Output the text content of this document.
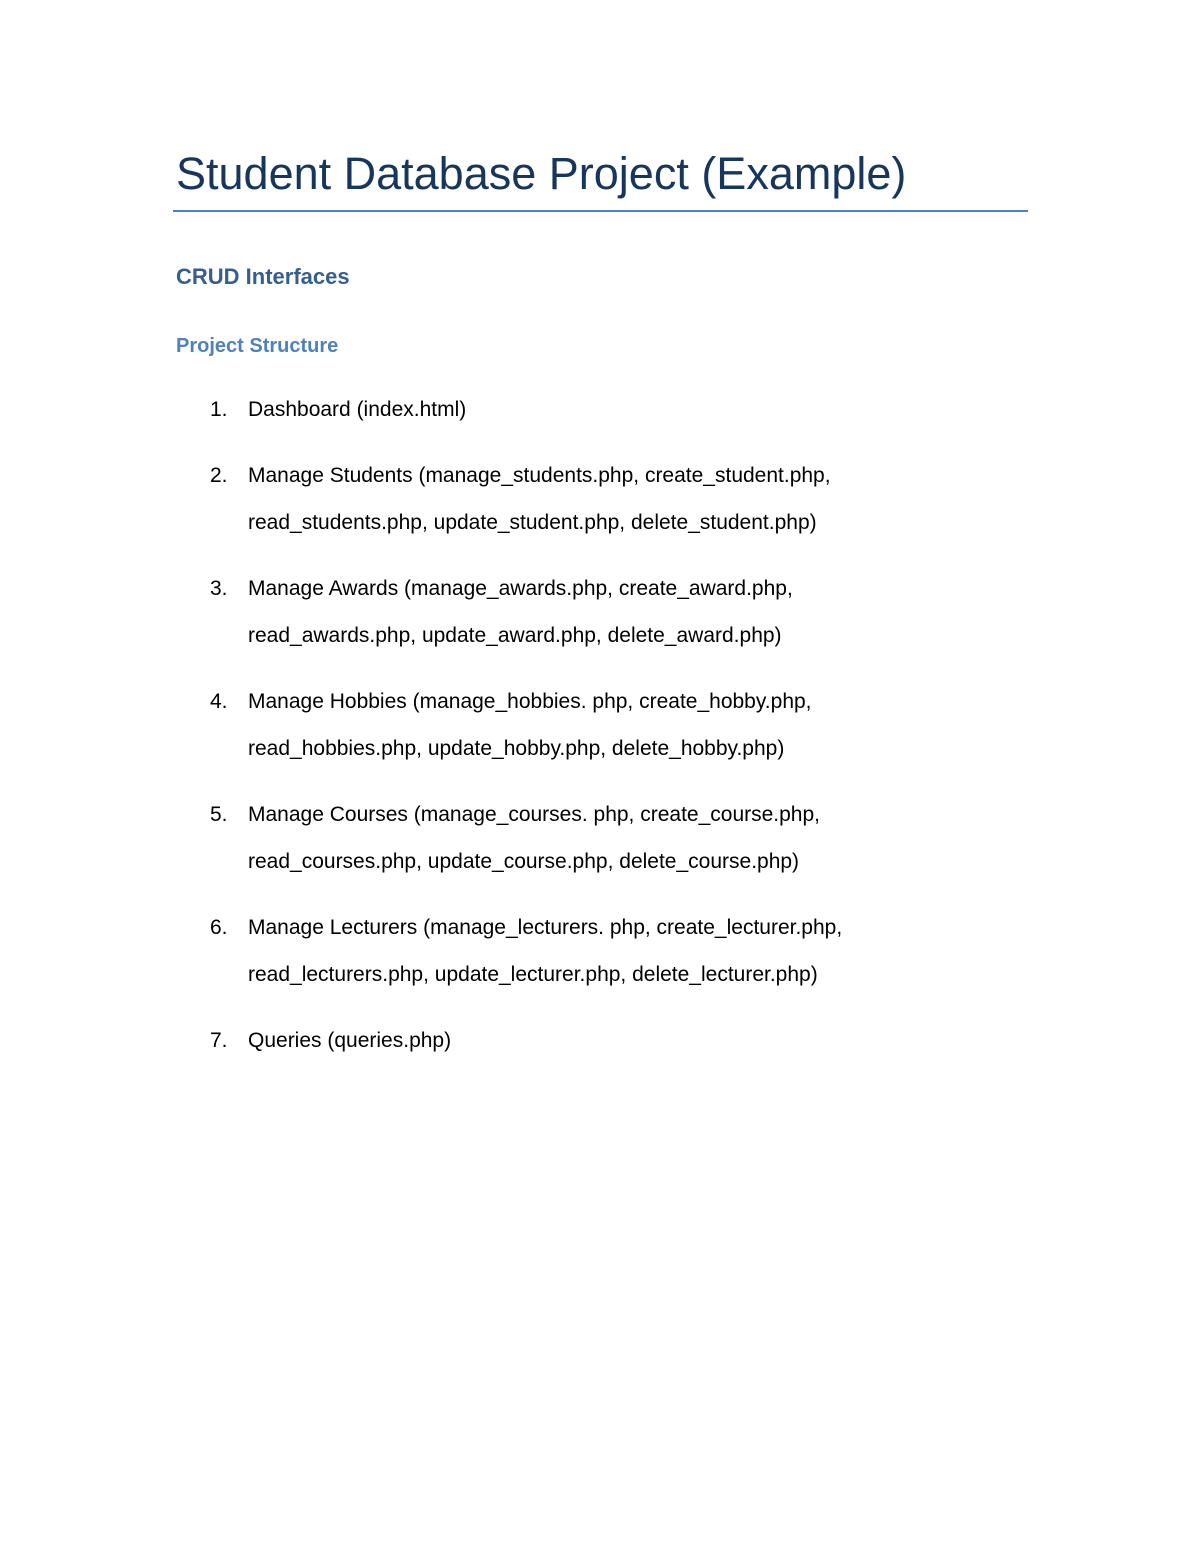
Student Database Project (Example)
CRUD Interfaces
Project Structure
1. Dashboard (index.html)
2. Manage Students (manage_students.php, create_student.php,
read_students.php, update_student.php, delete_student.php)
3. Manage Awards (manage_awards.php, create_award.php,
read_awards.php, update_award.php, delete_award.php)
4. Manage Hobbies (manage_hobbies. php, create_hobby.php,
read_hobbies.php, update_hobby.php, delete_hobby.php)
5. Manage Courses (manage_courses. php, create_course.php,
read_courses.php, update_course.php, delete_course.php)
6. Manage Lecturers (manage_lecturers. php, create_lecturer.php,
read_lecturers.php, update_lecturer.php, delete_lecturer.php)
7. Queries (queries.php)
